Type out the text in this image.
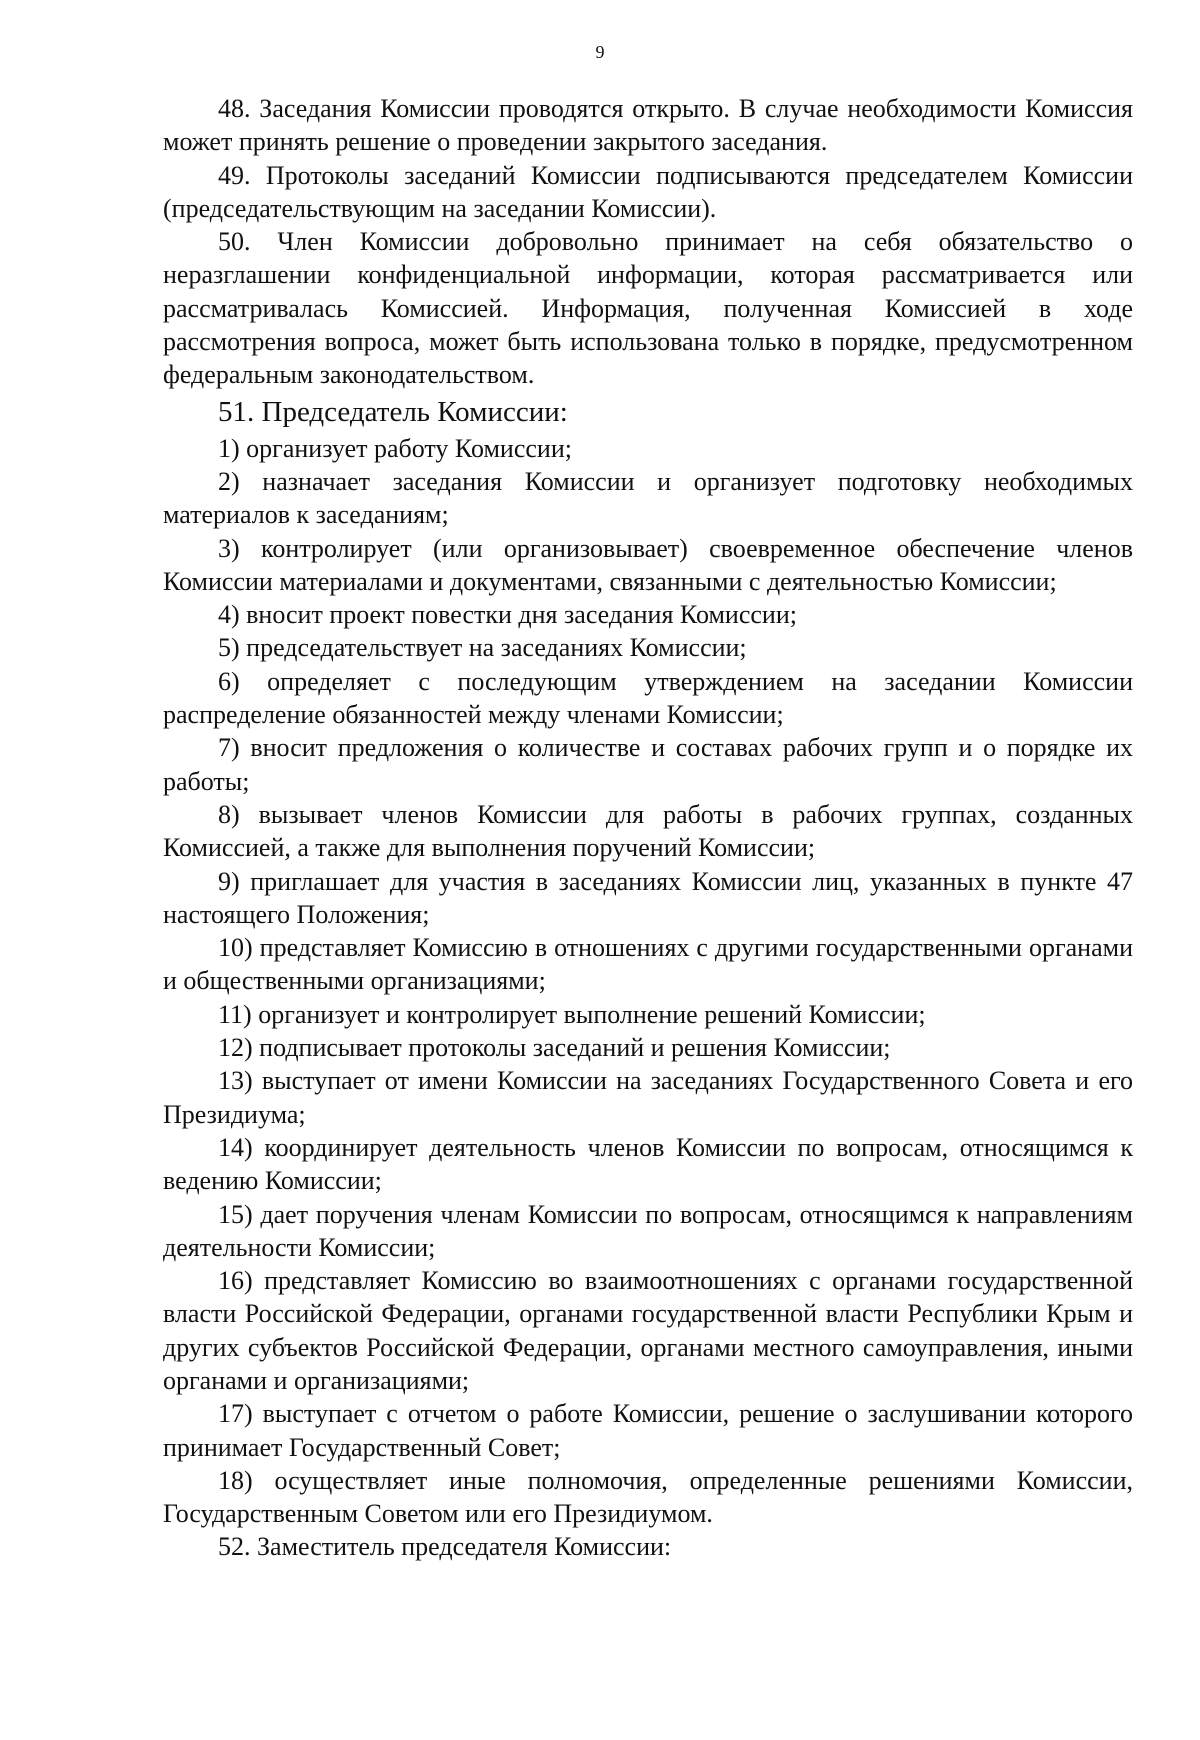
9

48. Заседания Комиссии проводятся открыто. В случае необходимости Комиссия может принять решение о проведении закрытого заседания.

49. Протоколы заседаний Комиссии подписываются председателем Комиссии (председательствующим на заседании Комиссии).

50. Член Комиссии добровольно принимает на себя обязательство о неразглашении конфиденциальной информации, которая рассматривается или рассматривалась Комиссией. Информация, полученная Комиссией в ходе рассмотрения вопроса, может быть использована только в порядке, предусмотренном федеральным законодательством.

51. Председатель Комиссии:

1) организует работу Комиссии;

2) назначает заседания Комиссии и организует подготовку необходимых материалов к заседаниям;

3) контролирует (или организовывает) своевременное обеспечение членов Комиссии материалами и документами, связанными с деятельностью Комиссии;

4) вносит проект повестки дня заседания Комиссии;

5) председательствует на заседаниях Комиссии;

6) определяет с последующим утверждением на заседании Комиссии распределение обязанностей между членами Комиссии;

7) вносит предложения о количестве и составах рабочих групп и о порядке их работы;

8) вызывает членов Комиссии для работы в рабочих группах, созданных Комиссией, а также для выполнения поручений Комиссии;

9) приглашает для участия в заседаниях Комиссии лиц, указанных в пункте 47 настоящего Положения;

10) представляет Комиссию в отношениях с другими государственными органами и общественными организациями;

11) организует и контролирует выполнение решений Комиссии;

12) подписывает протоколы заседаний и решения Комиссии;

13) выступает от имени Комиссии на заседаниях Государственного Совета и его Президиума;

14) координирует деятельность членов Комиссии по вопросам, относящимся к ведению Комиссии;

15) дает поручения членам Комиссии по вопросам, относящимся к направлениям деятельности Комиссии;

16) представляет Комиссию во взаимоотношениях с органами государственной власти Российской Федерации, органами государственной власти Республики Крым и других субъектов Российской Федерации, органами местного самоуправления, иными органами и организациями;

17) выступает с отчетом о работе Комиссии, решение о заслушивании которого принимает Государственный Совет;

18) осуществляет иные полномочия, определенные решениями Комиссии, Государственным Советом или его Президиумом.

52. Заместитель председателя Комиссии:
